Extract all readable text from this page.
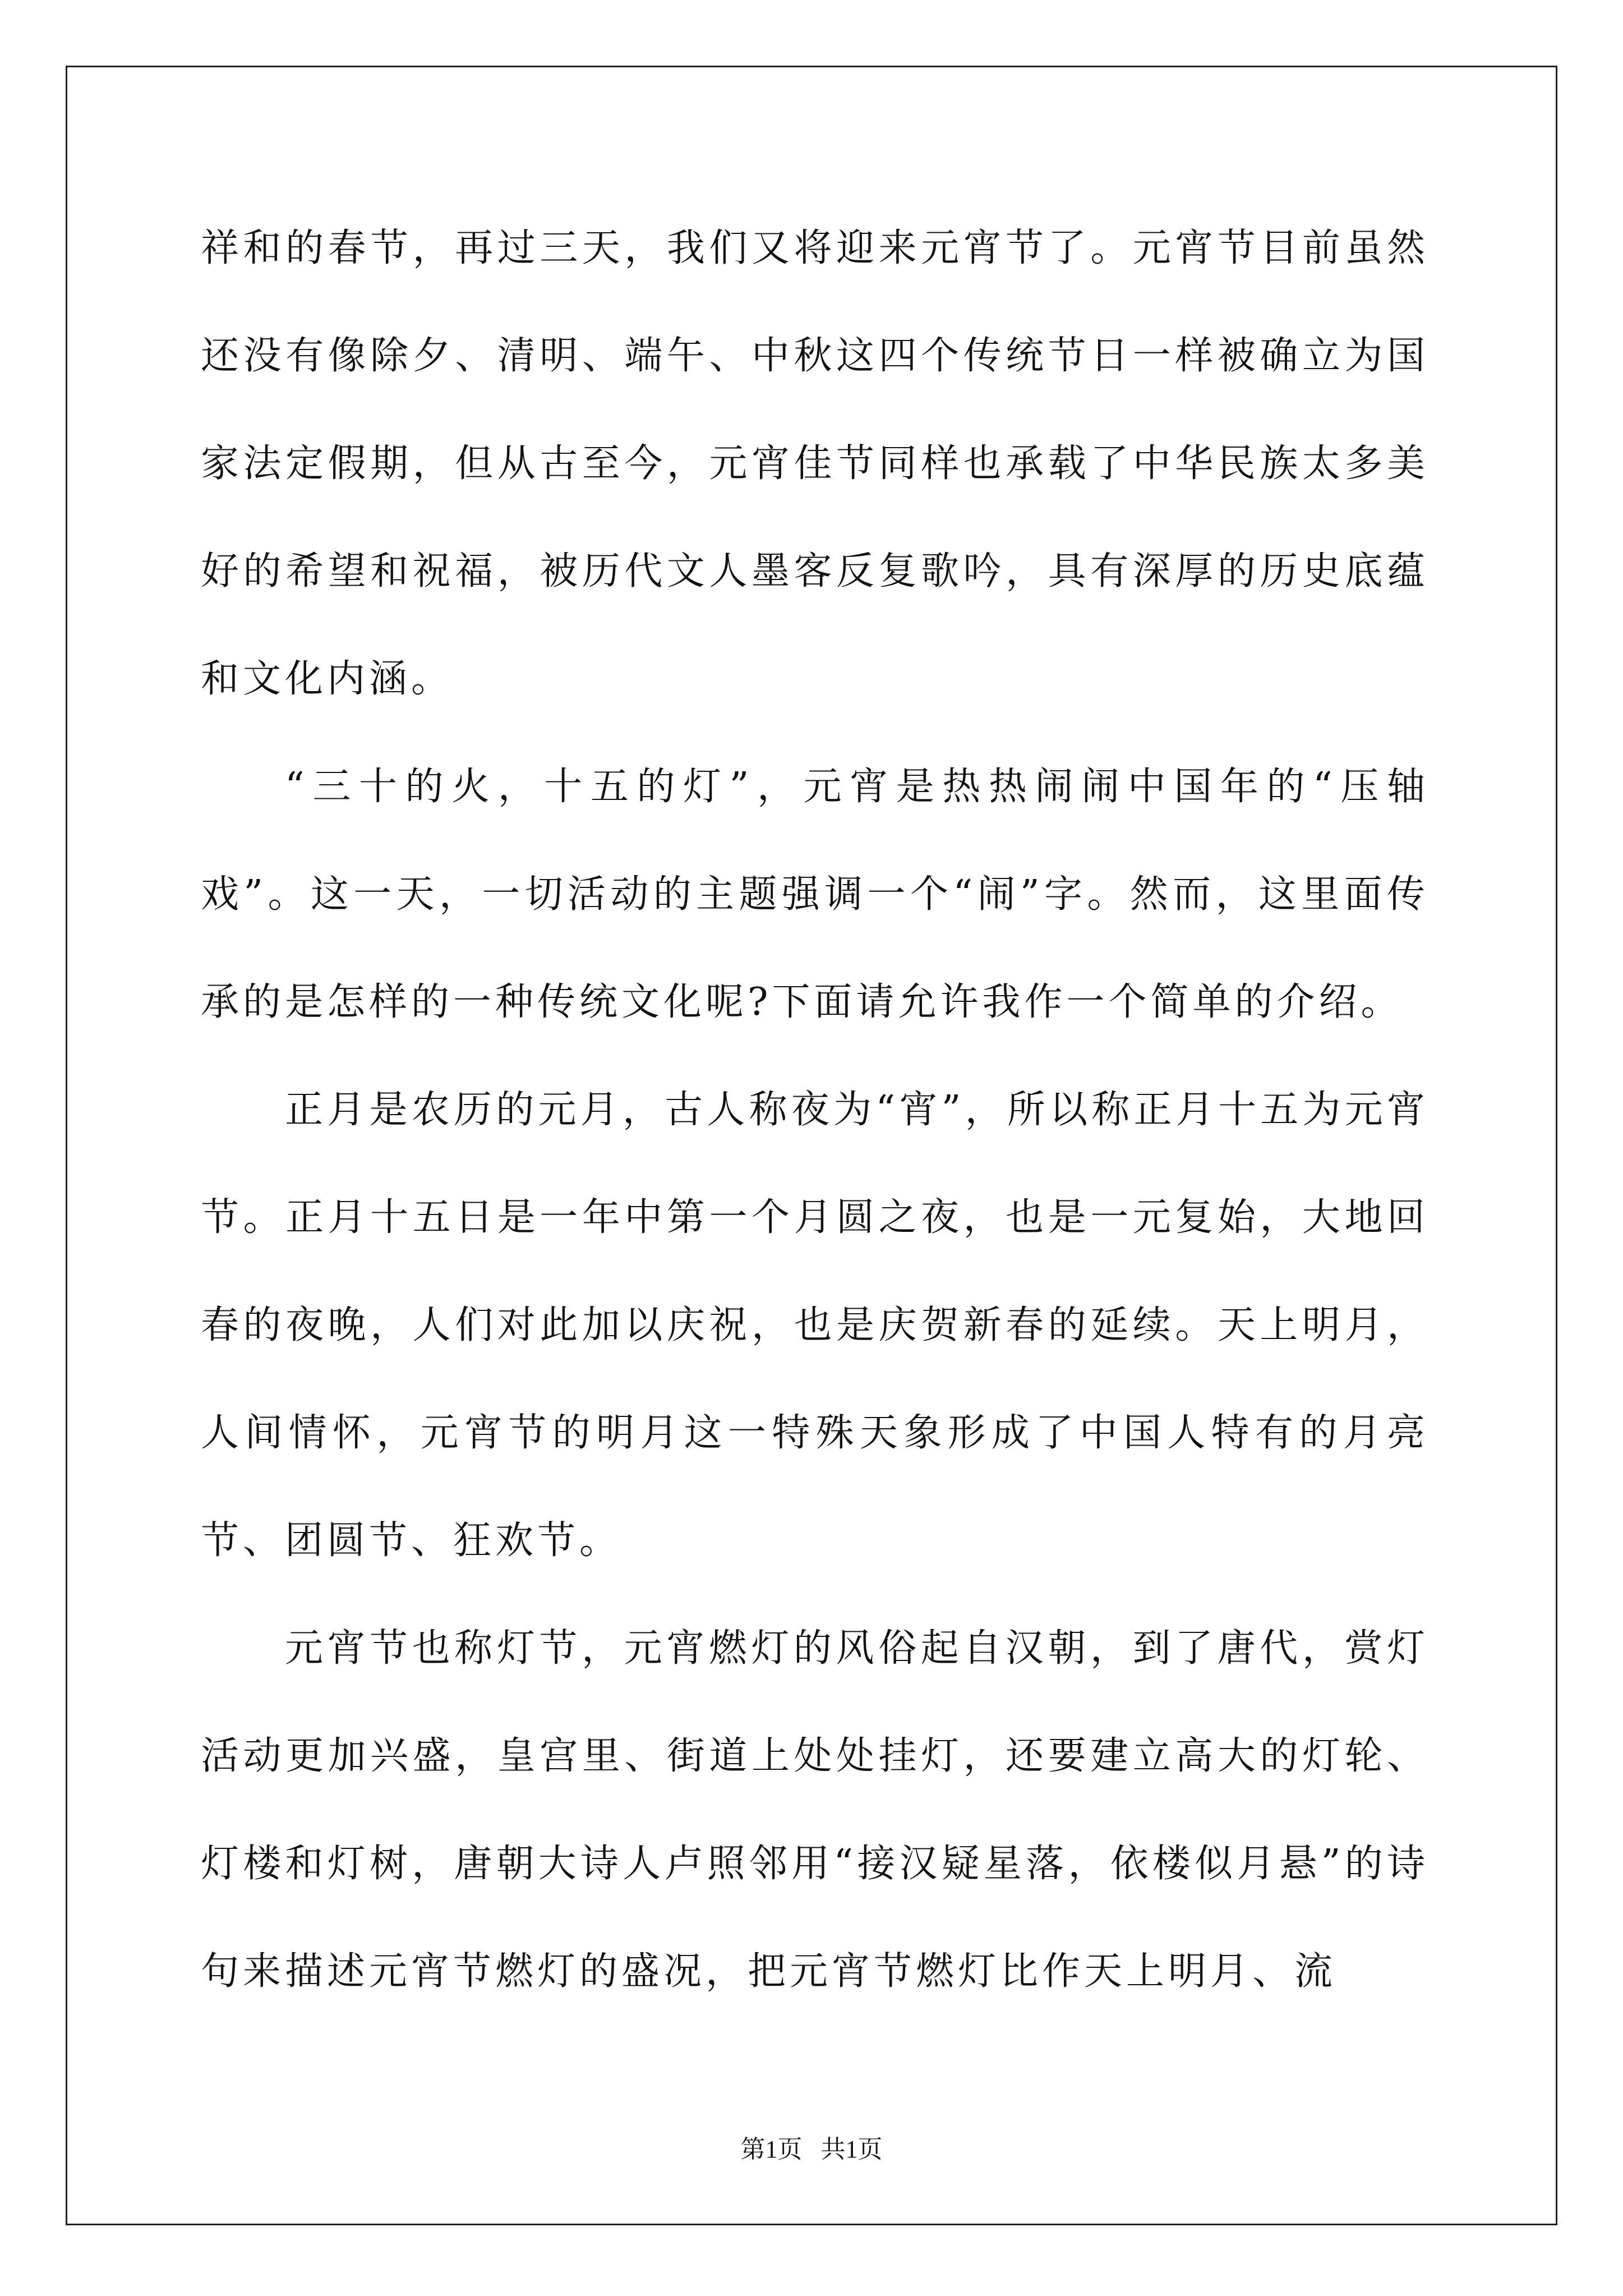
祥和的春节，再过三天，我们又将迎来元宵节了。元宵节目前虽然还没有像除夕、清明、端午、中秋这四个传统节日一样被确立为国家法定假期，但从古至今，元宵佳节同样也承载了中华民族太多美好的希望和祝福，被历代文人墨客反复歌吟，具有深厚的历史底蕴和文化内涵。

“三十的火，十五的灯”，元宵是热热闹闹中国年的“压轴戏”。这一天，一切活动的主题强调一个“闹”字。然而，这里面传承的是怎样的一种传统文化呢?下面请允许我作一个简单的介绍。

正月是农历的元月，古人称夜为“宵”，所以称正月十五为元宵节。正月十五日是一年中第一个月圆之夜，也是一元复始，大地回春的夜晚，人们对此加以庆祝，也是庆贺新春的延续。天上明月，人间情怀，元宵节的明月这一特殊天象形成了中国人特有的月亮节、团圆节、狂欢节。

元宵节也称灯节，元宵燃灯的风俗起自汉朝，到了唐代，赏灯活动更加兴盛，皇宫里、街道上处处挂灯，还要建立高大的灯轮、灯楼和灯树，唐朝大诗人卢照邻用“接汉疑星落，依楼似月悬”的诗句来描述元宵节燃灯的盛况，把元宵节燃灯比作天上明月、流

第1页   共1页
